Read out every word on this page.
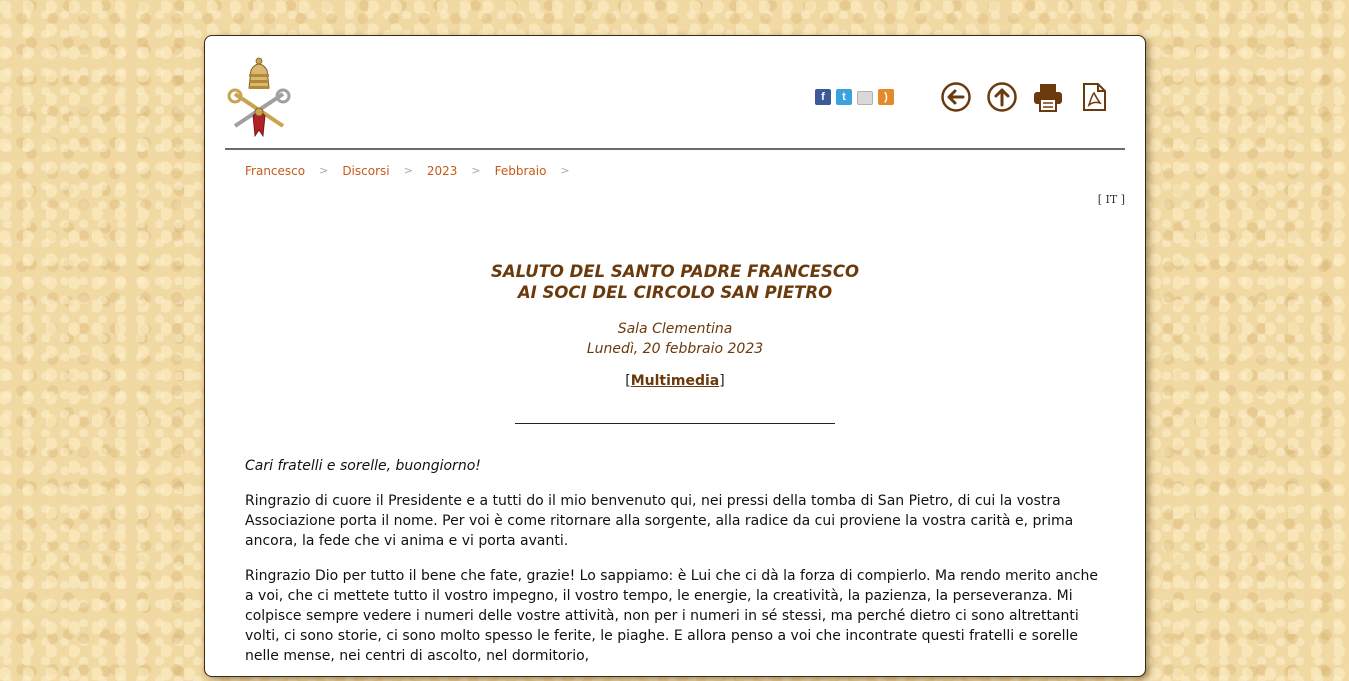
f	t	)
Francesco > Discorsi > 2023 > Febbraio >
[ IT ]
SALUTO DEL SANTO PADRE FRANCESCO
AI SOCI DEL CIRCOLO SAN PIETRO
Sala Clementina
Lunedì, 20 febbraio 2023
[Multimedia]

Cari fratelli e sorelle, buongiorno!

Ringrazio di cuore il Presidente e a tutti do il mio benvenuto qui, nei pressi della tomba di San Pietro, di cui la vostra Associazione porta il nome. Per voi è come ritornare alla sorgente, alla radice da cui proviene la vostra carità e, prima ancora, la fede che vi anima e vi porta avanti.

Ringrazio Dio per tutto il bene che fate, grazie! Lo sappiamo: è Lui che ci dà la forza di compierlo. Ma rendo merito anche a voi, che ci mettete tutto il vostro impegno, il vostro tempo, le energie, la creatività, la pazienza, la perseveranza. Mi colpisce sempre vedere i numeri delle vostre attività, non per i numeri in sé stessi, ma perché dietro ci sono altrettanti volti, ci sono storie, ci sono molto spesso le ferite, le piaghe. E allora penso a voi che incontrate questi fratelli e sorelle nelle mense, nei centri di ascolto, nel dormitorio,
